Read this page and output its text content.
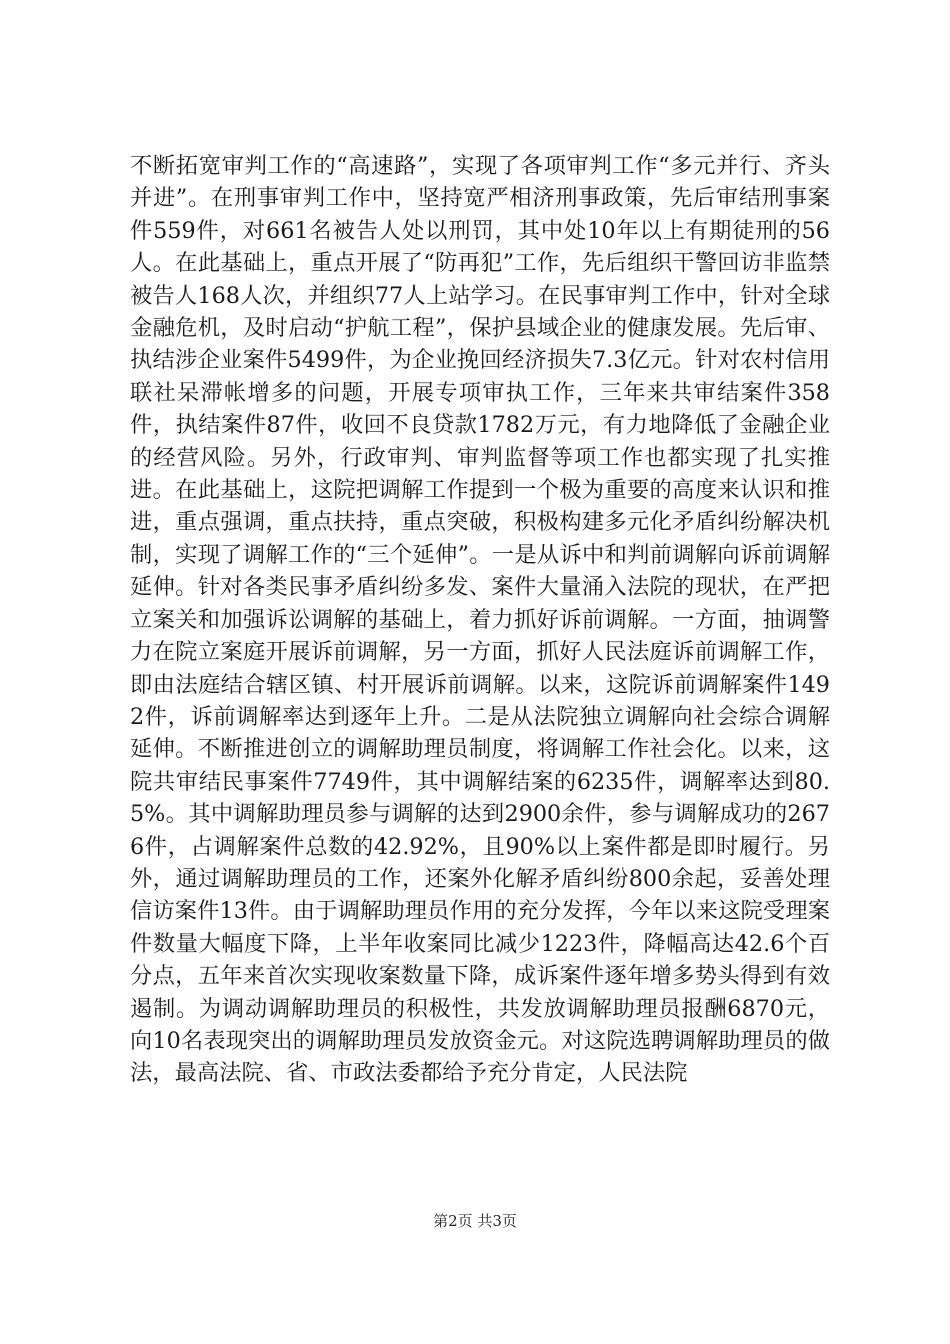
不断拓宽审判工作的“高速路”，实现了各项审判工作“多元并行、齐头并进”。在刑事审判工作中，坚持宽严相济刑事政策，先后审结刑事案件559件，对661名被告人处以刑罚，其中处10年以上有期徒刑的56人。在此基础上，重点开展了“防再犯”工作，先后组织干警回访非监禁被告人168人次，并组织77人上站学习。在民事审判工作中，针对全球金融危机，及时启动“护航工程”，保护县域企业的健康发展。先后审、执结涉企业案件5499件，为企业挽回经济损失7.3亿元。针对农村信用联社呆滞帐增多的问题，开展专项审执工作，三年来共审结案件358件，执结案件87件，收回不良贷款1782万元，有力地降低了金融企业的经营风险。另外，行政审判、审判监督等项工作也都实现了扎实推进。在此基础上，这院把调解工作提到一个极为重要的高度来认识和推进，重点强调，重点扶持，重点突破，积极构建多元化矛盾纠纷解决机制，实现了调解工作的“三个延伸”。一是从诉中和判前调解向诉前调解延伸。针对各类民事矛盾纠纷多发、案件大量涌入法院的现状，在严把立案关和加强诉讼调解的基础上，着力抓好诉前调解。一方面，抽调警力在院立案庭开展诉前调解，另一方面，抓好人民法庭诉前调解工作，即由法庭结合辖区镇、村开展诉前调解。以来，这院诉前调解案件1492件，诉前调解率达到逐年上升。二是从法院独立调解向社会综合调解延伸。不断推进创立的调解助理员制度，将调解工作社会化。以来，这院共审结民事案件7749件，其中调解结案的6235件，调解率达到80.5%。其中调解助理员参与调解的达到2900余件，参与调解成功的2676件，占调解案件总数的42.92%，且90%以上案件都是即时履行。另外，通过调解助理员的工作，还案外化解矛盾纠纷800余起，妥善处理信访案件13件。由于调解助理员作用的充分发挥，今年以来这院受理案件数量大幅度下降，上半年收案同比减少1223件，降幅高达42.6个百分点，五年来首次实现收案数量下降，成诉案件逐年增多势头得到有效遏制。为调动调解助理员的积极性，共发放调解助理员报酬6870元，向10名表现突出的调解助理员发放资金元。对这院选聘调解助理员的做法，最高法院、省、市政法委都给予充分肯定，人民法院

第2页 共3页
